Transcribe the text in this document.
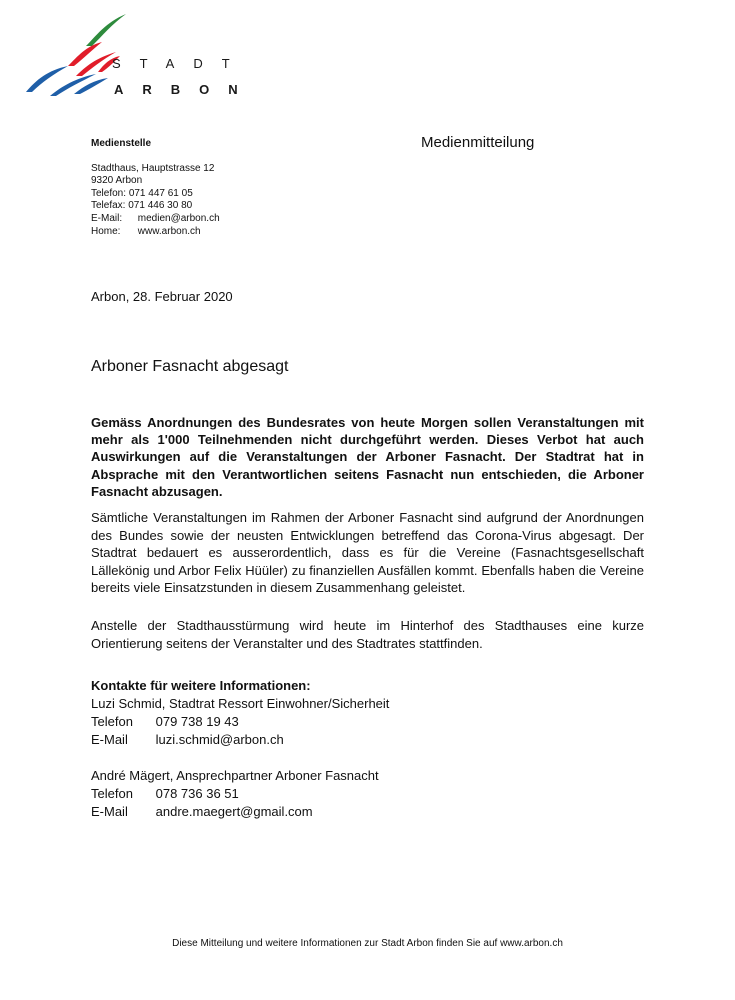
STADT
ARBON
Medienstelle
Stadthaus, Hauptstrasse 12
9320 Arbon
Telefon: 071 447 61 05
Telefax: 071 446 30 80
E-Mail: medien@arbon.ch
Home: www.arbon.ch
Medienmitteilung
Arbon, 28. Februar 2020
Arboner Fasnacht abgesagt
Gemäss Anordnungen des Bundesrates von heute Morgen sollen Veranstaltungen mit mehr als 1'000 Teilnehmenden nicht durchgeführt werden. Dieses Verbot hat auch Auswirkungen auf die Veranstaltungen der Arboner Fasnacht. Der Stadtrat hat in Absprache mit den Verantwortlichen seitens Fasnacht nun entschieden, die Arboner Fasnacht abzusagen.
Sämtliche Veranstaltungen im Rahmen der Arboner Fasnacht sind aufgrund der Anordnungen des Bundes sowie der neusten Entwicklungen betreffend das Corona-Virus abgesagt. Der Stadtrat bedauert es ausserordentlich, dass es für die Vereine (Fasnachtsgesellschaft Lällekönig und Arbor Felix Hüüler) zu finanziellen Ausfällen kommt. Ebenfalls haben die Vereine bereits viele Einsatzstunden in diesem Zusammenhang geleistet.
Anstelle der Stadthausstürmung wird heute im Hinterhof des Stadthauses eine kurze Orientierung seitens der Veranstalter und des Stadtrates stattfinden.
Kontakte für weitere Informationen:
Luzi Schmid, Stadtrat Ressort Einwohner/Sicherheit
Telefon 079 738 19 43
E-Mail luzi.schmid@arbon.ch
André Mägert, Ansprechpartner Arboner Fasnacht
Telefon 078 736 36 51
E-Mail andre.maegert@gmail.com
Diese Mitteilung und weitere Informationen zur Stadt Arbon finden Sie auf www.arbon.ch
